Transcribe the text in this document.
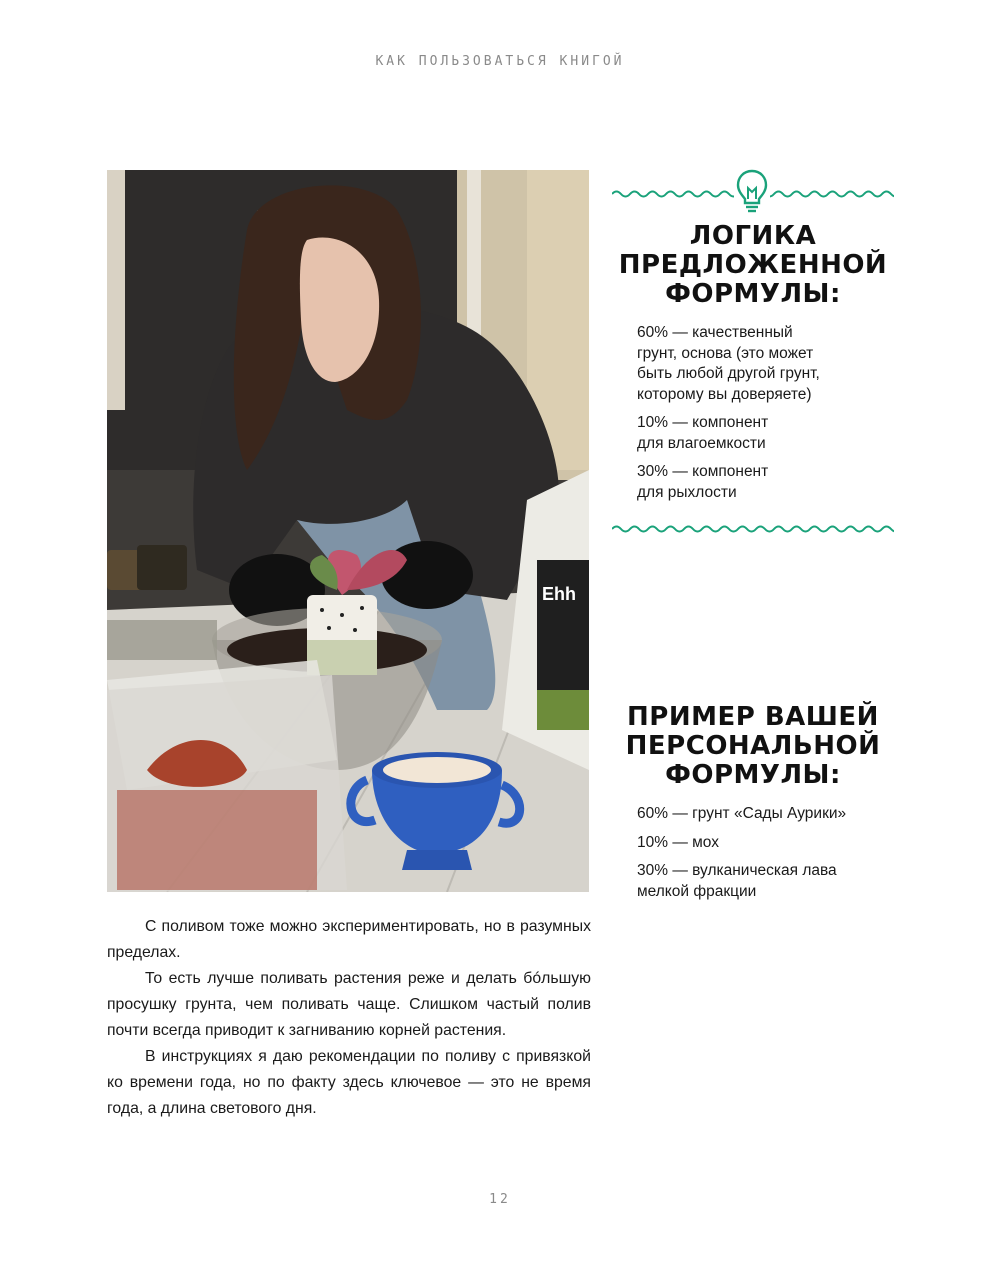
КАК ПОЛЬЗОВАТЬСЯ КНИГОЙ
Ehh
ЛОГИКА ПРЕДЛОЖЕННОЙ ФОРМУЛЫ:
60% — качественный
грунт, основа (это может
быть любой другой грунт,
которому вы доверяете)
10% — компонент
для влагоемкости
30% — компонент
для рыхлости
ПРИМЕР ВАШЕЙ ПЕРСОНАЛЬНОЙ ФОРМУЛЫ:
60% — грунт «Сады Аурики»
10% — мох
30% — вулканическая лава
мелкой фракции

С поливом тоже можно экспериментировать, но в разумных пределах.

То есть лучше поливать растения реже и делать бóльшую просушку грунта, чем поливать чаще. Слишком частый полив почти всегда приводит к загниванию корней растения.

В инструкциях я даю рекомендации по поливу с привязкой ко времени года, но по факту здесь ключевое — это не время года, а длина светового дня.

12
